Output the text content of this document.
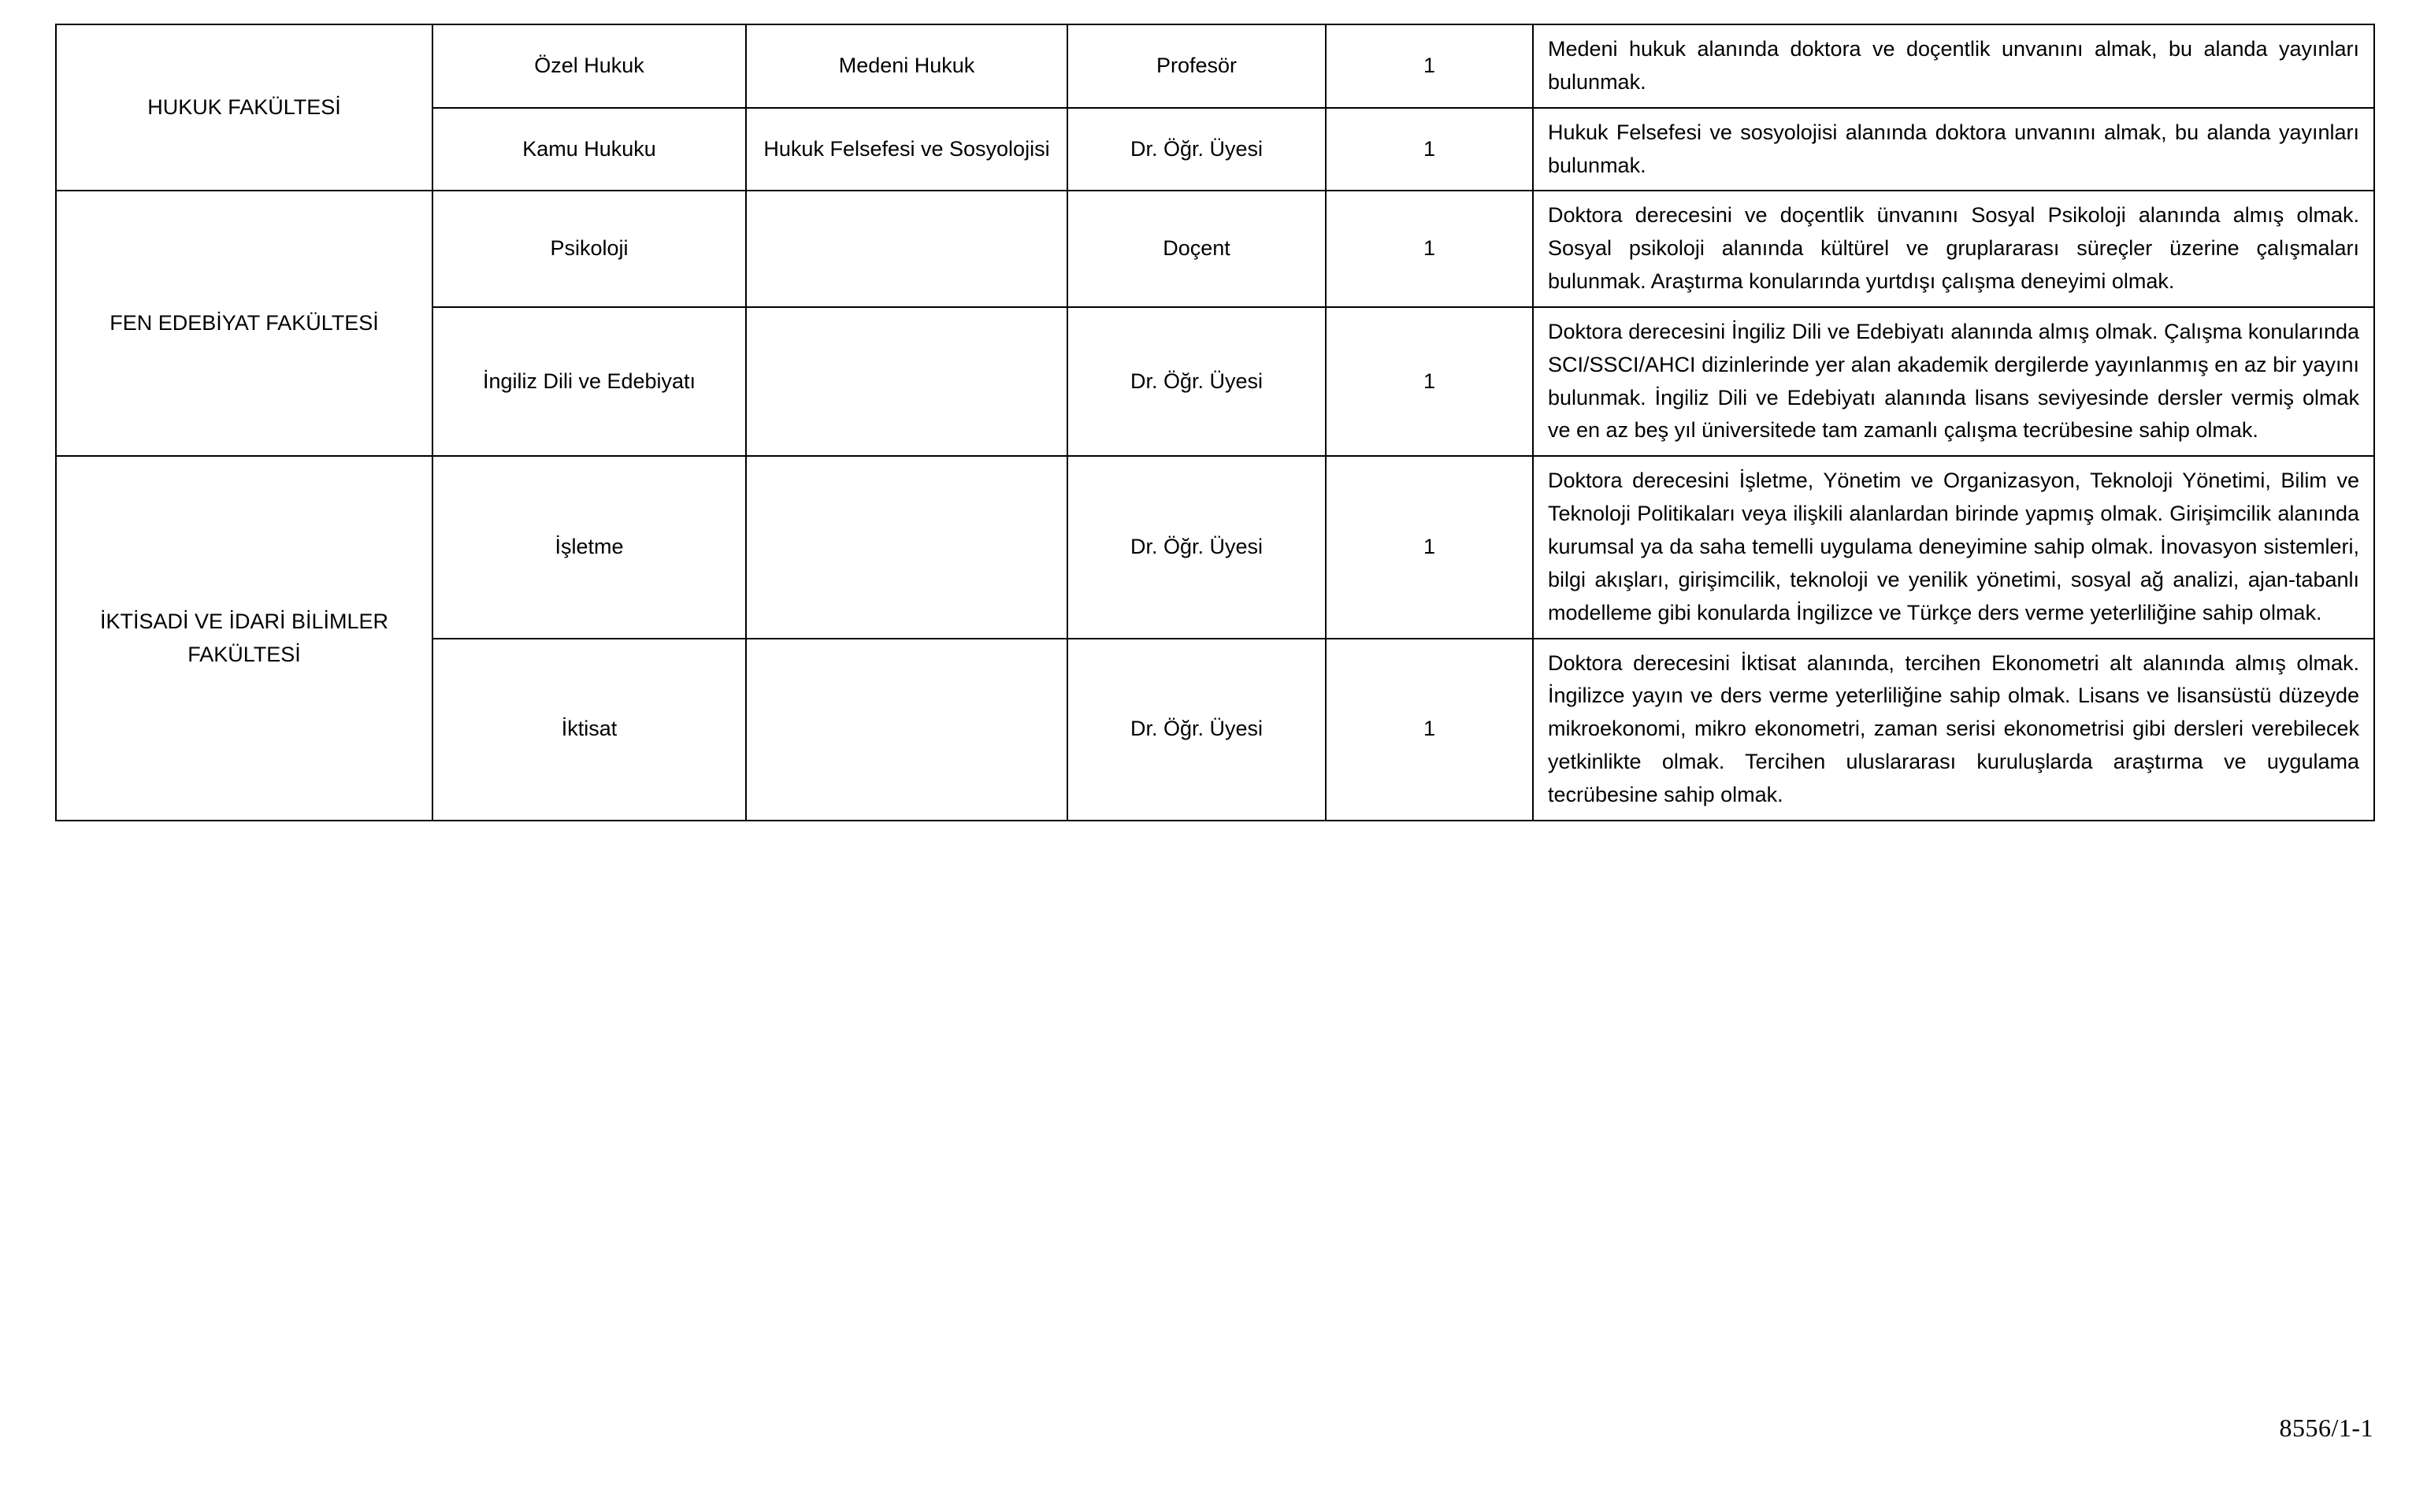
HUKUK FAKÜLTESİ	Özel Hukuk	Medeni Hukuk	Profesör	1	Medeni hukuk alanında doktora ve doçentlik unvanını almak, bu alanda yayınları bulunmak.
	Kamu Hukuku	Hukuk Felsefesi ve Sosyolojisi	Dr. Öğr. Üyesi	1	Hukuk Felsefesi ve sosyolojisi alanında doktora unvanını almak, bu alanda yayınları bulunmak.
FEN EDEBİYAT FAKÜLTESİ	Psikoloji		Doçent	1	Doktora derecesini ve doçentlik ünvanını Sosyal Psikoloji alanında almış olmak. Sosyal psikoloji alanında kültürel ve gruplararası süreçler üzerine çalışmaları bulunmak. Araştırma konularında yurtdışı çalışma deneyimi olmak.
	İngiliz Dili ve Edebiyatı		Dr. Öğr. Üyesi	1	Doktora derecesini İngiliz Dili ve Edebiyatı alanında almış olmak. Çalışma konularında SCI/SSCI/AHCI dizinlerinde yer alan akademik dergilerde yayınlanmış en az bir yayını bulunmak. İngiliz Dili ve Edebiyatı alanında lisans seviyesinde dersler vermiş olmak ve en az beş yıl üniversitede tam zamanlı çalışma tecrübesine sahip olmak.
İKTİSADİ VE İDARİ BİLİMLER FAKÜLTESİ	İşletme		Dr. Öğr. Üyesi	1	Doktora derecesini İşletme, Yönetim ve Organizasyon, Teknoloji Yönetimi, Bilim ve Teknoloji Politikaları veya ilişkili alanlardan birinde yapmış olmak. Girişimcilik alanında kurumsal ya da saha temelli uygulama deneyimine sahip olmak. İnovasyon sistemleri, bilgi akışları, girişimcilik, teknoloji ve yenilik yönetimi, sosyal ağ analizi, ajan-tabanlı modelleme gibi konularda İngilizce ve Türkçe ders verme yeterliliğine sahip olmak.
	İktisat		Dr. Öğr. Üyesi	1	Doktora derecesini İktisat alanında, tercihen Ekonometri alt alanında almış olmak. İngilizce yayın ve ders verme yeterliliğine sahip olmak. Lisans ve lisansüstü düzeyde mikroekonomi, mikro ekonometri, zaman serisi ekonometrisi gibi dersleri verebilecek yetkinlikte olmak. Tercihen uluslararası kuruluşlarda araştırma ve uygulama tecrübesine sahip olmak.
8556/1-1
